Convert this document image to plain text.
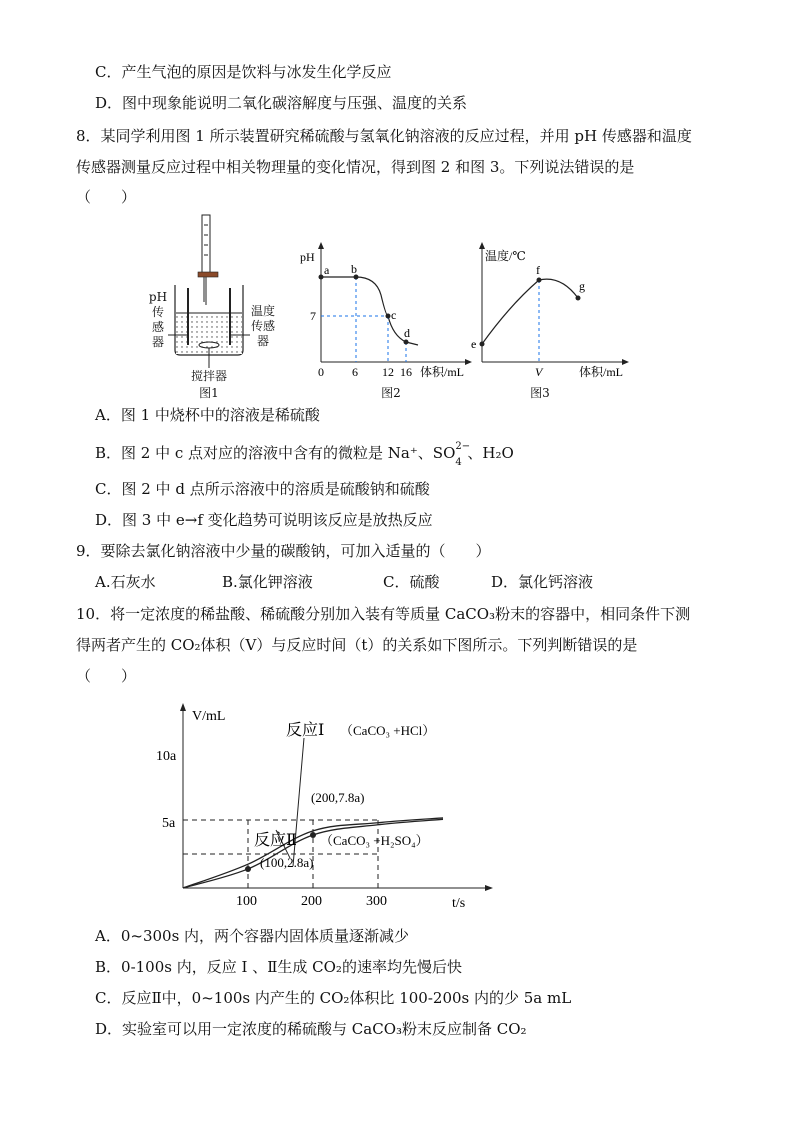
C．产生气泡的原因是饮料与冰发生化学反应
D．图中现象能说明二氧化碳溶解度与压强、温度的关系
8．某同学利用图 1 所示装置研究稀硫酸与氢氧化钠溶液的反应过程，并用 pH 传感器和温度
传感器测量反应过程中相关物理量的变化情况，得到图 2 和图 3。下列说法错误的是
（　　）
pH
传
感
器
温度
传感
器
搅拌器
图1
pH
7
a b
c
d
0 6 12 16 体积/mL
图2
温度/℃
e
f
g
V	体积/mL
图3
A．图 1 中烧杯中的溶液是稀硫酸
B．图 2 中 c 点对应的溶液中含有的微粒是 Na⁺、SO 2−
4
、H₂O
C．图 2 中 d 点所示溶液中的溶质是硫酸钠和硫酸
D．图 3 中 e→f 变化趋势可说明该反应是放热反应
9．要除去氯化钠溶液中少量的碳酸钠，可加入适量的（　　）
A.石灰水	B.氯化钾溶液	C．硫酸	D．氯化钙溶液
10．将一定浓度的稀盐酸、稀硫酸分别加入装有等质量 CaCO₃粉末的容器中，相同条件下测
得两者产生的 CO₂体积（V）与反应时间（t）的关系如下图所示。下列判断错误的是
（　　）
V/mL
t/s
10a
5a
100	200	300
反应Ⅰ （CaCO₃ +HCl）
反应Ⅱ （CaCO₃ +H₂SO₄）
(200,7.8a)
(100,2.8a)
A．0~300s 内，两个容器内固体质量逐渐减少
B．0-100s 内，反应 Ⅰ 、Ⅱ生成 CO₂的速率均先慢后快
C．反应Ⅱ中，0~100s 内产生的 CO₂体积比 100-200s 内的少 5a mL
D．实验室可以用一定浓度的稀硫酸与 CaCO₃粉末反应制备 CO₂
